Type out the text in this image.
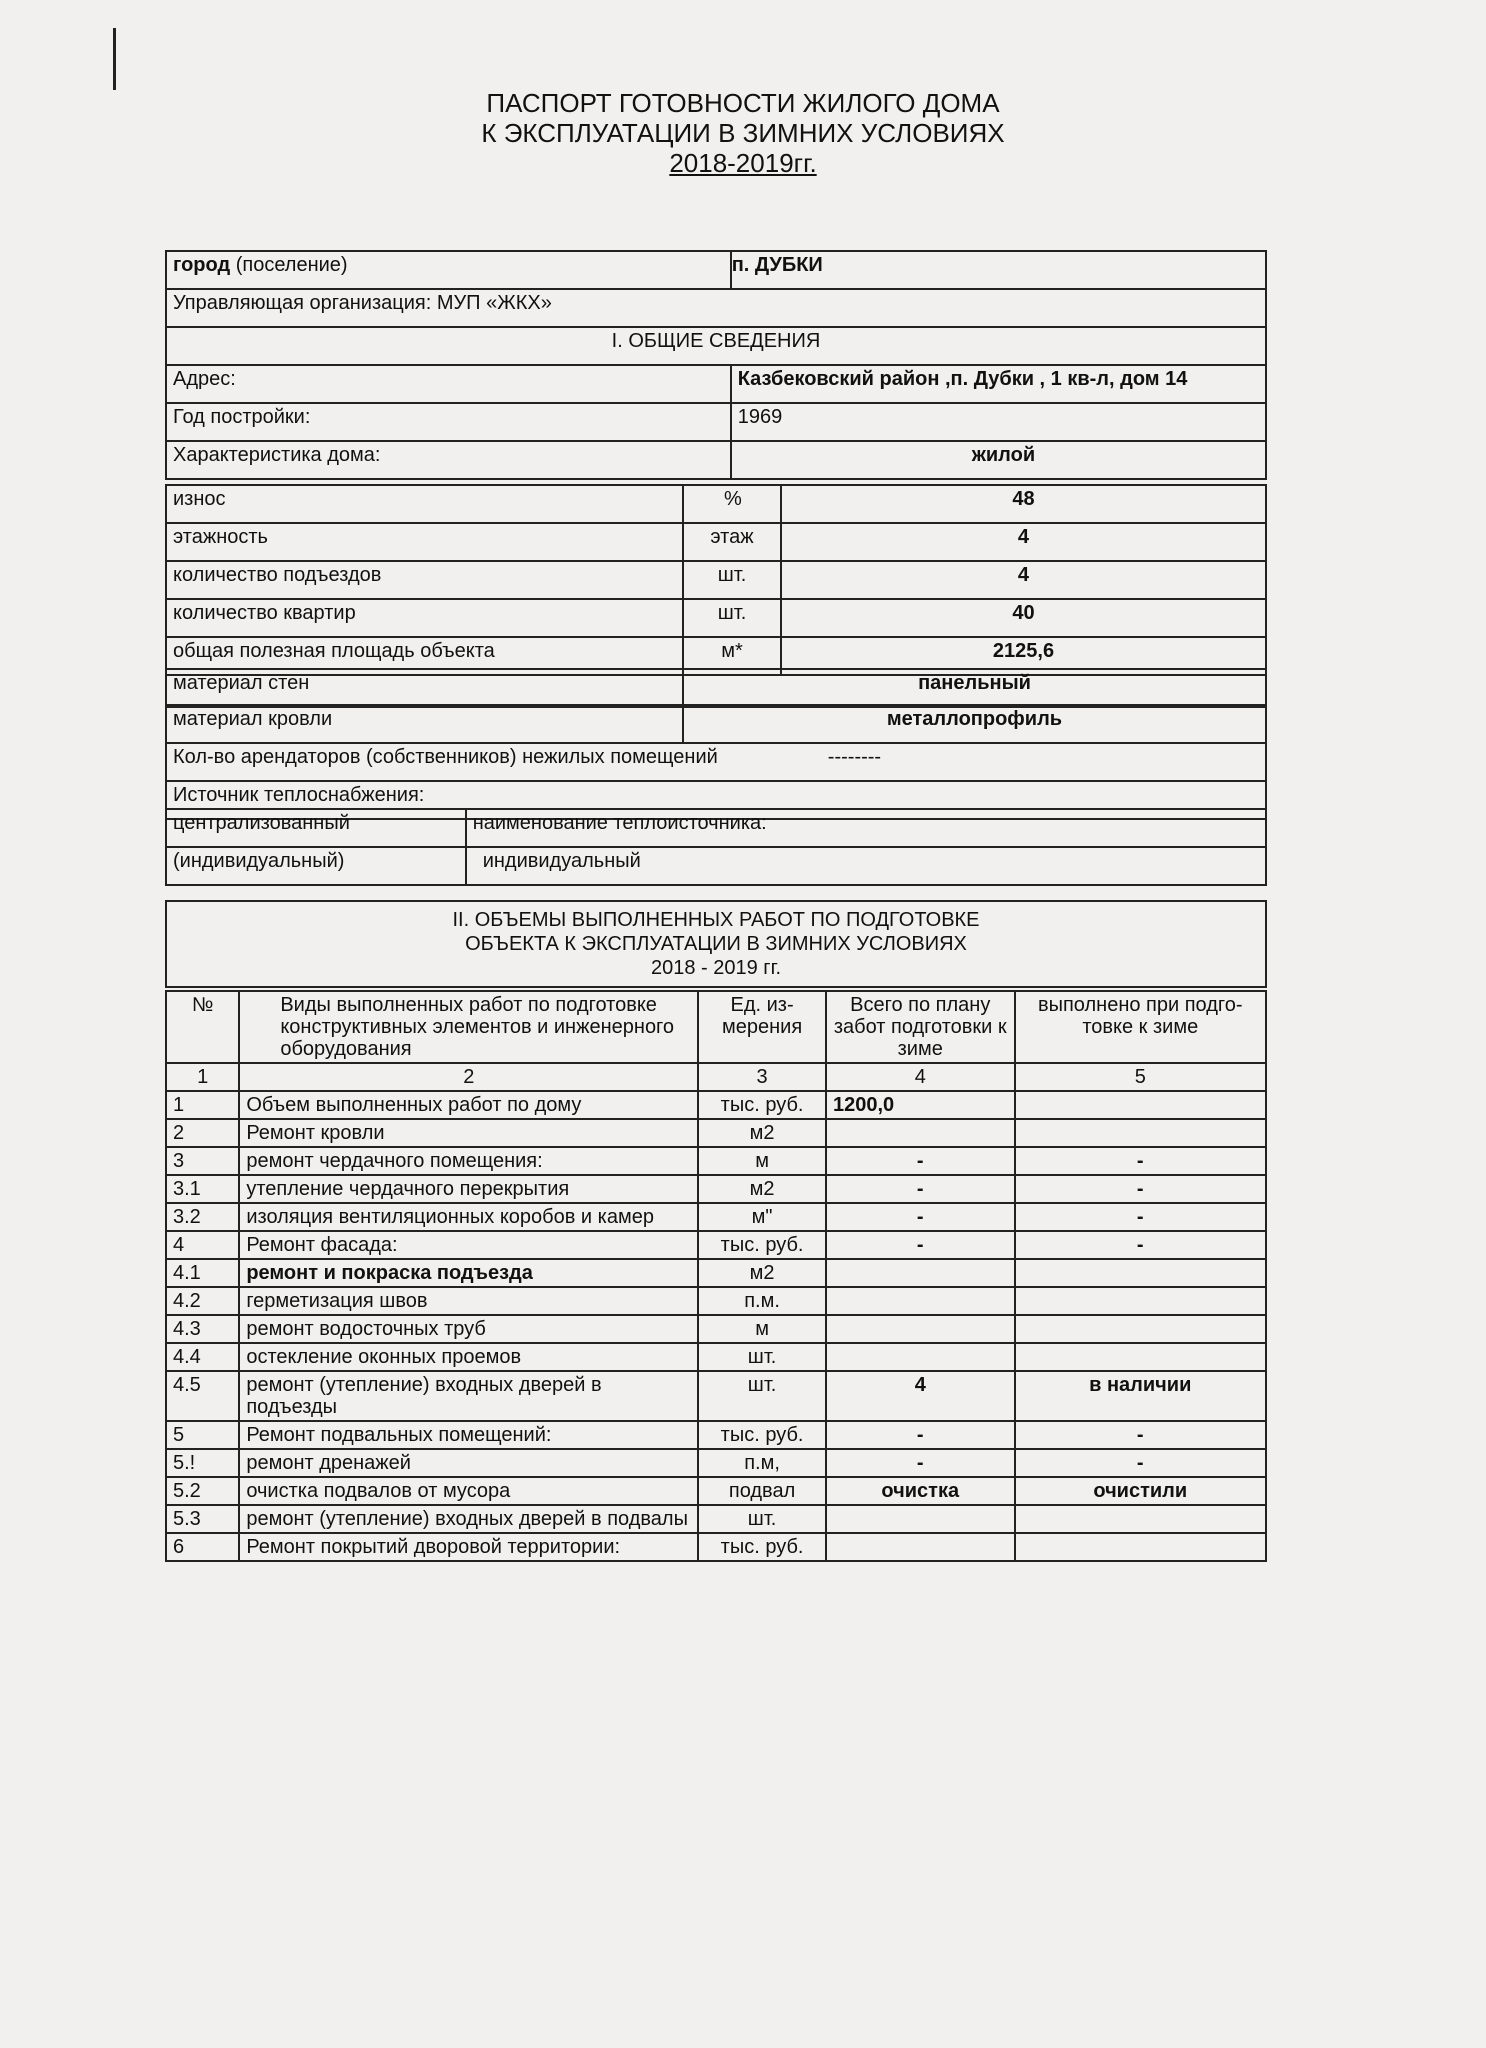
ПАСПОРТ ГОТОВНОСТИ ЖИЛОГО ДОМА
К ЭКСПЛУАТАЦИИ В ЗИМНИХ УСЛОВИЯХ
2018-2019гг.
город (поселение)	п. ДУБКИ
Управляющая организация: МУП «ЖКХ»	
I. ОБЩИЕ СВЕДЕНИЯ	
Адрес:	Казбековский район ,п. Дубки , 1 кв-л, дом 14
Год постройки:	1969
Характеристика дома:	жилой
износ	%	48
этажность	этаж	4
количество подъездов	шт.	4
количество квартир	шт.	40
общая полезная площадь объекта	м*	2125,6
материал стен	панельный
материал кровли	металлопрофиль
Кол-во арендаторов (собственников) нежилых помещений	--------
Источник теплоснабжения:
централизованный	наименование теплоисточника:
(индивидуальный)	индивидуальный
II. ОБЪЕМЫ ВЫПОЛНЕННЫХ РАБОТ ПО ПОДГОТОВКЕ
ОБЪЕКТА К ЭКСПЛУАТАЦИИ В ЗИМНИХ УСЛОВИЯХ
2018 - 2019 гг.
№	Виды выполненных работ по подготовке конструктивных элементов и инженерного оборудования	Ед. из-мерения	Всего по плану забот подготовки к зиме	выполнено при подго-товке к зиме
1	2	3	4	5
1	Объем выполненных работ по дому	тыс. руб.	1200,0	
2	Ремонт кровли	м2		
3	ремонт чердачного помещения:	м	-	-
3.1	утепление чердачного перекрытия	м2	-	-
3.2	изоляция вентиляционных коробов и камер	м"	-	-
4	Ремонт фасада:	тыс. руб.	-	-
4.1	ремонт и покраска подъезда	м2		
4.2	герметизация швов	п.м.		
4.3	ремонт водосточных труб	м		
4.4	остекление оконных проемов	шт.		
4.5	ремонт (утепление) входных дверей в подъезды	шт.	4	в наличии
5	Ремонт подвальных помещений:	тыс. руб.	-	-
5.!	ремонт дренажей	п.м,	-	-
5.2	очистка подвалов от мусора	подвал	очистка	очистили
5.3	ремонт (утепление) входных дверей в подвалы	шт.		
6	Ремонт покрытий дворовой территории:	тыс. руб.		
